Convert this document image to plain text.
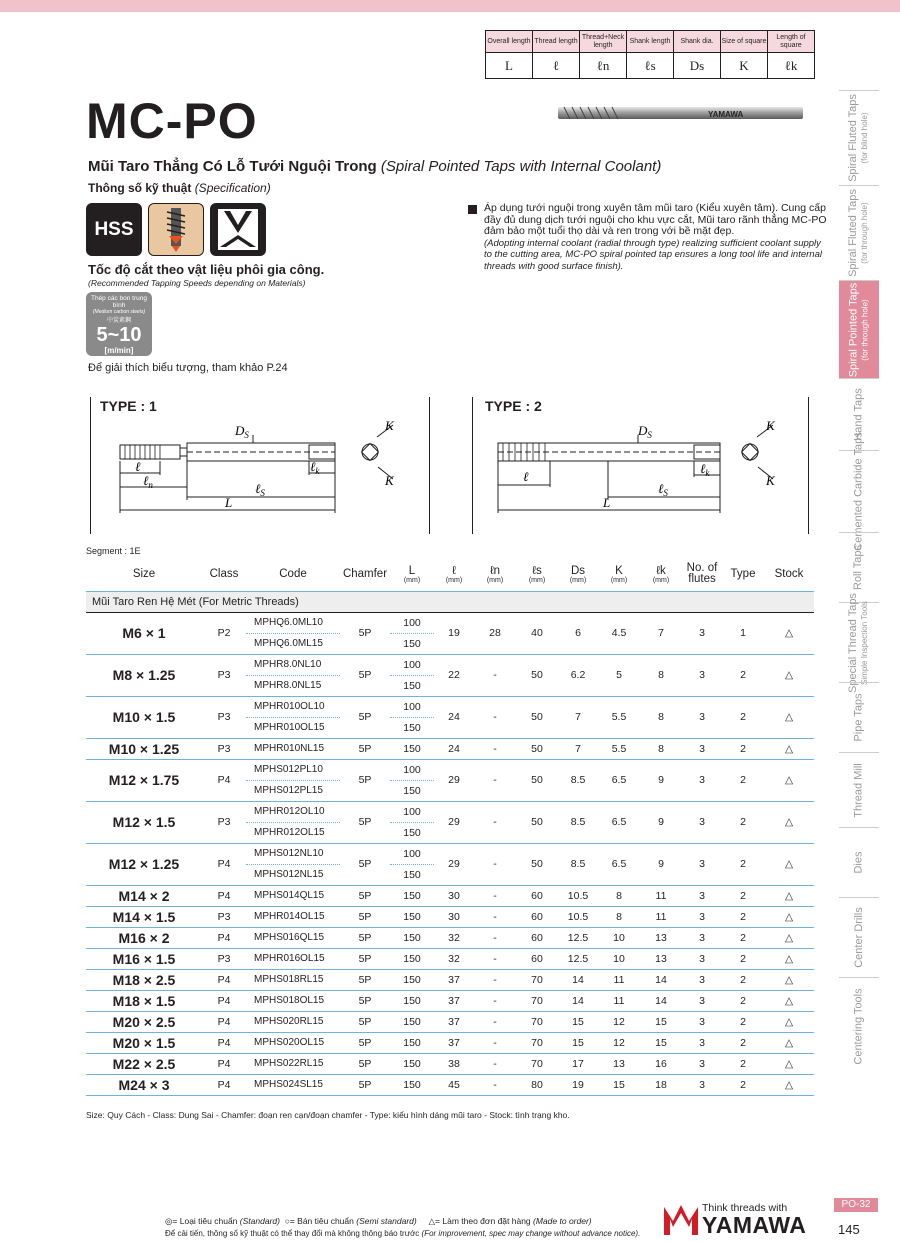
Overall length	Thread length	Thread+Neck length	Shank length	Shank dia.	Size of square	Length of square
L	ℓ	ℓn	ℓs	Ds	K	ℓk
YAMAWA
MC-PO
Mũi Taro Thẳng Có Lỗ Tưới Nguội Trong (Spiral Pointed Taps with Internal Coolant)
Thông số kỹ thuật (Specification)
HSS
Tốc độ cắt theo vật liệu phôi gia công.
(Recommended Tapping Speeds depending on Materials)
Thép các bon trung bình
(Medium carbon steels)
中炭素鋼
5~10
[m/min]
Để giải thích biểu tượng, tham khảo P.24
Áp dụng tưới nguội trong xuyên tâm mũi taro (Kiểu xuyên tâm). Cung cấp đầy đủ dung dịch tưới nguội cho khu vực cắt, Mũi taro rãnh thẳng MC-PO đảm bảo một tuổi thọ dài và ren trong với bề mặt đẹp.
(Adopting internal coolant (radial through type) realizing sufficient coolant supply to the cutting area, MC-PO spiral pointed tap ensures a long tool life and internal threads with good surface finish).
TYPE : 1
$D_S$
ℓ
ℓ$_n$	ℓ$_S$
L
ℓ$_k$
K
K
TYPE : 2
$D_S$
ℓ
ℓ$_S$
L
ℓ$_k$
K
K
Segment : 1E
Size	Class	Code	Chamfer	L
(mm)	ℓ
(mm)	ℓn
(mm)	ℓs
(mm)	Ds
(mm)	K
(mm)	ℓk
(mm)	No. of flutes	Type	Stock
Mũi Taro Ren Hệ Mét (For Metric Threads)													
M6 × 1	P2	MPHQ6.0ML10	5P	100	19	28	40	6	4.5	7	3	1	△
		MPHQ6.0ML15		150									
M8 × 1.25	P3	MPHR8.0NL10	5P	100	22	-	50	6.2	5	8	3	2	△
		MPHR8.0NL15		150									
M10 × 1.5	P3	MPHR010OL10	5P	100	24	-	50	7	5.5	8	3	2	△
		MPHR010OL15		150									
M10 × 1.25	P3	MPHR010NL15	5P	150	24	-	50	7	5.5	8	3	2	△
M12 × 1.75	P4	MPHS012PL10	5P	100	29	-	50	8.5	6.5	9	3	2	△
		MPHS012PL15		150									
M12 × 1.5	P3	MPHR012OL10	5P	100	29	-	50	8.5	6.5	9	3	2	△
		MPHR012OL15		150									
M12 × 1.25	P4	MPHS012NL10	5P	100	29	-	50	8.5	6.5	9	3	2	△
		MPHS012NL15		150									
M14 × 2	P4	MPHS014QL15	5P	150	30	-	60	10.5	8	11	3	2	△
M14 × 1.5	P3	MPHR014OL15	5P	150	30	-	60	10.5	8	11	3	2	△
M16 × 2	P4	MPHS016QL15	5P	150	32	-	60	12.5	10	13	3	2	△
M16 × 1.5	P3	MPHR016OL15	5P	150	32	-	60	12.5	10	13	3	2	△
M18 × 2.5	P4	MPHS018RL15	5P	150	37	-	70	14	11	14	3	2	△
M18 × 1.5	P4	MPHS018OL15	5P	150	37	-	70	14	11	14	3	2	△
M20 × 2.5	P4	MPHS020RL15	5P	150	37	-	70	15	12	15	3	2	△
M20 × 1.5	P4	MPHS020OL15	5P	150	37	-	70	15	12	15	3	2	△
M22 × 2.5	P4	MPHS022RL15	5P	150	38	-	70	17	13	16	3	2	△
M24 × 3	P4	MPHS024SL15	5P	150	45	-	80	19	15	18	3	2	△
Size: Quy Cách - Class: Dung Sai - Chamfer: đoạn ren cạn/đoạn chamfer - Type: kiểu hình dáng mũi taro - Stock: tình trạng kho.
Spiral Fluted Taps (for blind hole)
Spiral Fluted Taps (for through hole)
Spiral Pointed Taps (for through hole)
Hand Taps
Cemented Carbide Taps
Roll Taps
Special Thread Taps Simple Inspection Tools
Pipe Taps
Thread Mill
Dies
Center Drills
Centering Tools
PO-32
145
Think threads with
YAMAWA
◎= Loại tiêu chuẩn (Standard) ○= Bán tiêu chuẩn (Semi standard) △= Làm theo đơn đặt hàng (Made to order)
Để cải tiến, thông số kỹ thuật có thể thay đổi mà không thông báo trước (For improvement, spec may change without advance notice).
